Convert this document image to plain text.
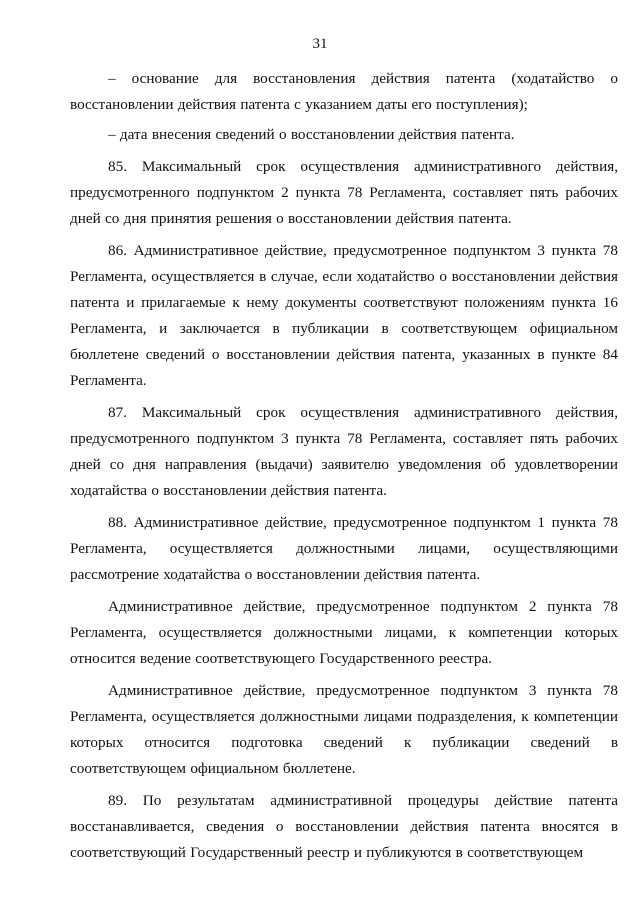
31

– основание для восстановления действия патента (ходатайство о восстановлении действия патента с указанием даты его поступления);

– дата внесения сведений о восстановлении действия патента.

85. Максимальный срок осуществления административного действия, предусмотренного подпунктом 2 пункта 78 Регламента, составляет пять рабочих дней со дня принятия решения о восстановлении действия патента.

86. Административное действие, предусмотренное подпунктом 3 пункта 78 Регламента, осуществляется в случае, если ходатайство о восстановлении действия патента и прилагаемые к нему документы соответствуют положениям пункта 16 Регламента, и заключается в публикации в соответствующем официальном бюллетене сведений о восстановлении действия патента, указанных в пункте 84 Регламента.

87. Максимальный срок осуществления административного действия, предусмотренного подпунктом 3 пункта 78 Регламента, составляет пять рабочих дней со дня направления (выдачи) заявителю уведомления об удовлетворении ходатайства о восстановлении действия патента.

88. Административное действие, предусмотренное подпунктом 1 пункта 78 Регламента, осуществляется должностными лицами, осуществляющими рассмотрение ходатайства о восстановлении действия патента.

Административное действие, предусмотренное подпунктом 2 пункта 78 Регламента, осуществляется должностными лицами, к компетенции которых относится ведение соответствующего Государственного реестра.

Административное действие, предусмотренное подпунктом 3 пункта 78 Регламента, осуществляется должностными лицами подразделения, к компетенции которых относится подготовка сведений к публикации сведений в соответствующем официальном бюллетене.

89. По результатам административной процедуры действие патента восстанавливается, сведения о восстановлении действия патента вносятся в соответствующий Государственный реестр и публикуются в соответствующем
